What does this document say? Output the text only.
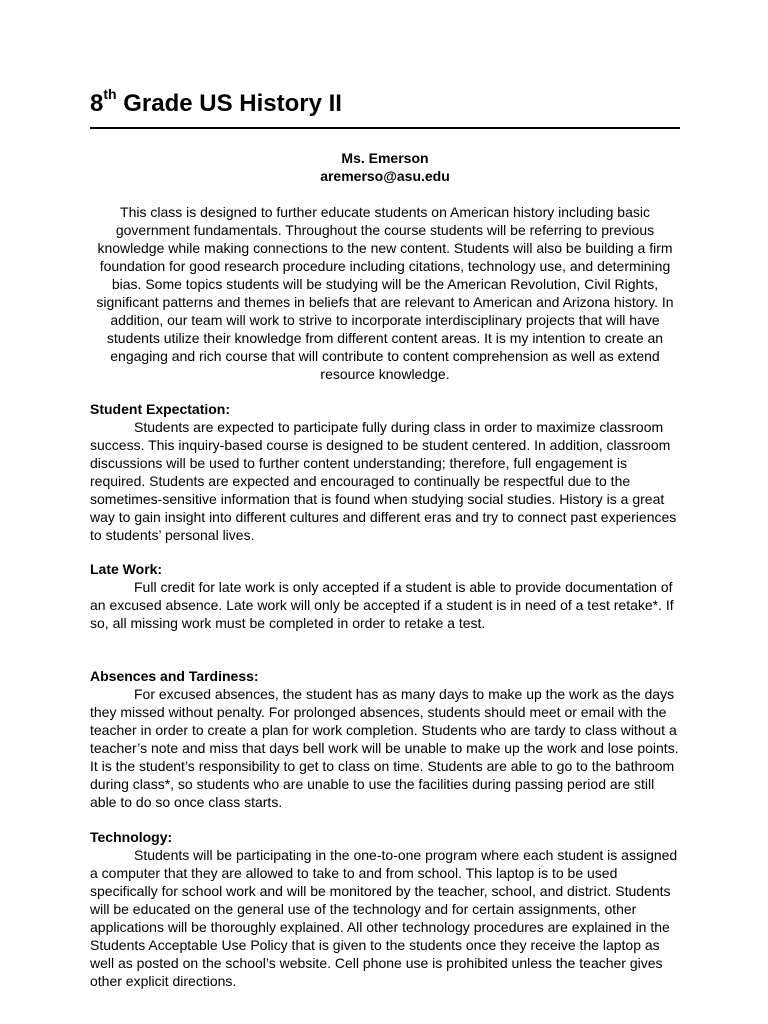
8th Grade US History II
Ms. Emerson
aremerso@asu.edu

This class is designed to further educate students on American history including basic government fundamentals. Throughout the course students will be referring to previous knowledge while making connections to the new content. Students will also be building a firm foundation for good research procedure including citations, technology use, and determining bias. Some topics students will be studying will be the American Revolution, Civil Rights, significant patterns and themes in beliefs that are relevant to American and Arizona history. In addition, our team will work to strive to incorporate interdisciplinary projects that will have students utilize their knowledge from different content areas. It is my intention to create an engaging and rich course that will contribute to content comprehension as well as extend resource knowledge.

Student Expectation:

Students are expected to participate fully during class in order to maximize classroom success. This inquiry-based course is designed to be student centered. In addition, classroom discussions will be used to further content understanding; therefore, full engagement is required. Students are expected and encouraged to continually be respectful due to the sometimes-sensitive information that is found when studying social studies. History is a great way to gain insight into different cultures and different eras and try to connect past experiences to students’ personal lives.

Late Work:

Full credit for late work is only accepted if a student is able to provide documentation of an excused absence. Late work will only be accepted if a student is in need of a test retake*. If so, all missing work must be completed in order to retake a test.

Absences and Tardiness:

For excused absences, the student has as many days to make up the work as the days they missed without penalty. For prolonged absences, students should meet or email with the teacher in order to create a plan for work completion. Students who are tardy to class without a teacher’s note and miss that days bell work will be unable to make up the work and lose points. It is the student’s responsibility to get to class on time. Students are able to go to the bathroom during class*, so students who are unable to use the facilities during passing period are still able to do so once class starts.

Technology:

Students will be participating in the one-to-one program where each student is assigned a computer that they are allowed to take to and from school. This laptop is to be used specifically for school work and will be monitored by the teacher, school, and district. Students will be educated on the general use of the technology and for certain assignments, other applications will be thoroughly explained. All other technology procedures are explained in the Students Acceptable Use Policy that is given to the students once they receive the laptop as well as posted on the school’s website. Cell phone use is prohibited unless the teacher gives other explicit directions.
